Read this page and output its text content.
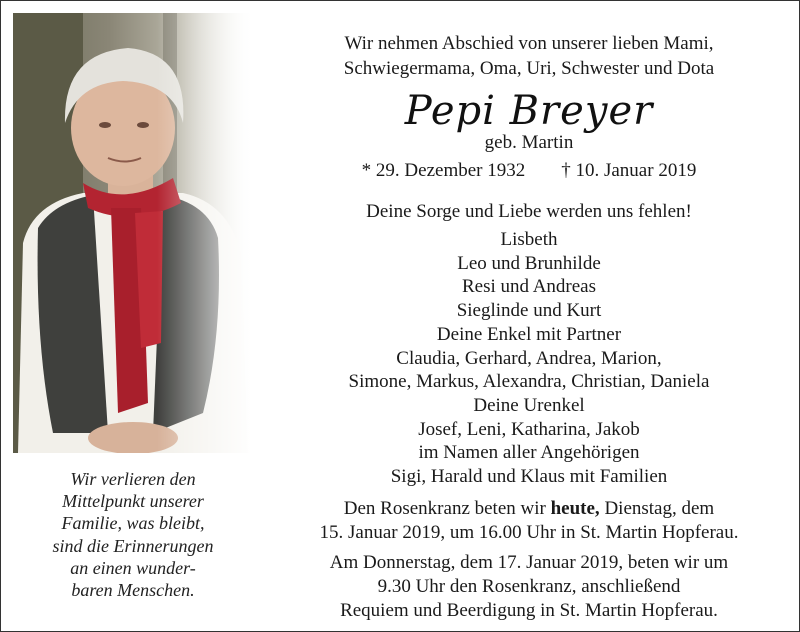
Wir verlieren den
Mittelpunkt unserer
Familie, was bleibt,
sind die Erinnerungen
an einen wunder-
baren Menschen.
Wir nehmen Abschied von unserer lieben Mami,
Schwiegermama, Oma, Uri, Schwester und Dota
Pepi Breyer
geb. Martin
* 29. Dezember 1932 † 10. Januar 2019
Deine Sorge und Liebe werden uns fehlen!
Lisbeth
Leo und Brunhilde
Resi und Andreas
Sieglinde und Kurt
Deine Enkel mit Partner
Claudia, Gerhard, Andrea, Marion,
Simone, Markus, Alexandra, Christian, Daniela
Deine Urenkel
Josef, Leni, Katharina, Jakob
im Namen aller Angehörigen
Sigi, Harald und Klaus mit Familien
Den Rosenkranz beten wir heute, Dienstag, dem
15. Januar 2019, um 16.00 Uhr in St. Martin Hopferau.
Am Donnerstag, dem 17. Januar 2019, beten wir um
9.30 Uhr den Rosenkranz, anschließend
Requiem und Beerdigung in St. Martin Hopferau.
